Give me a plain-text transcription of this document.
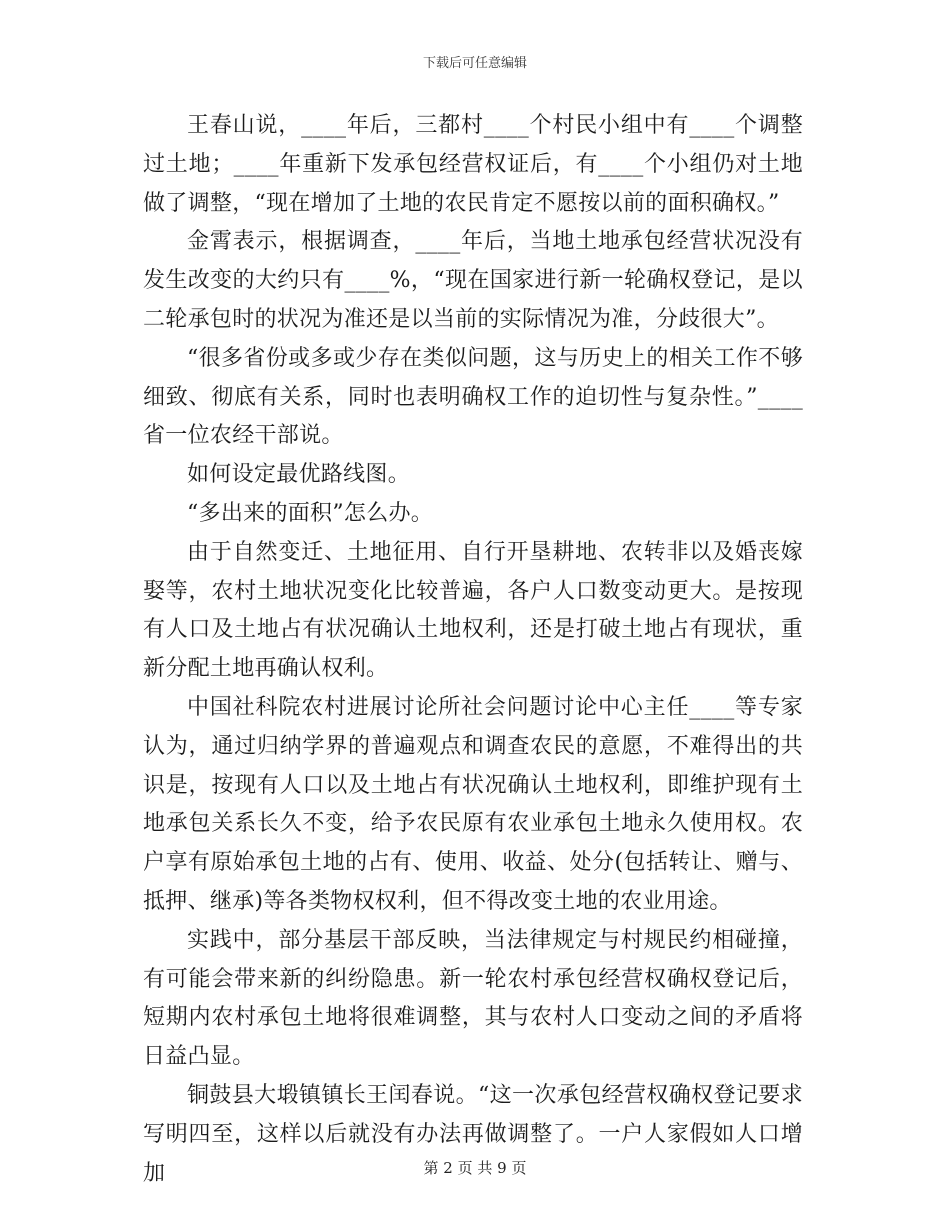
下载后可任意编辑

王春山说，____年后，三都村____个村民小组中有____个调整过土地；____年重新下发承包经营权证后，有____个小组仍对土地做了调整，“现在增加了土地的农民肯定不愿按以前的面积确权。”

金霄表示，根据调查，____年后，当地土地承包经营状况没有发生改变的大约只有____%，“现在国家进行新一轮确权登记，是以二轮承包时的状况为准还是以当前的实际情况为准，分歧很大”。

“很多省份或多或少存在类似问题，这与历史上的相关工作不够细致、彻底有关系，同时也表明确权工作的迫切性与复杂性。”____省一位农经干部说。

如何设定最优路线图。

“多出来的面积”怎么办。

由于自然变迁、土地征用、自行开垦耕地、农转非以及婚丧嫁娶等，农村土地状况变化比较普遍，各户人口数变动更大。是按现有人口及土地占有状况确认土地权利，还是打破土地占有现状，重新分配土地再确认权利。

中国社科院农村进展讨论所社会问题讨论中心主任____等专家认为，通过归纳学界的普遍观点和调查农民的意愿，不难得出的共识是，按现有人口以及土地占有状况确认土地权利，即维护现有土地承包关系长久不变，给予农民原有农业承包土地永久使用权。农户享有原始承包土地的占有、使用、收益、处分(包括转让、赠与、抵押、继承)等各类物权权利，但不得改变土地的农业用途。

实践中，部分基层干部反映，当法律规定与村规民约相碰撞，有可能会带来新的纠纷隐患。新一轮农村承包经营权确权登记后，短期内农村承包土地将很难调整，其与农村人口变动之间的矛盾将日益凸显。

铜鼓县大塅镇镇长王闰春说。“这一次承包经营权确权登记要求写明四至，这样以后就没有办法再做调整了。一户人家假如人口增加	第 2 页 共 9 页
